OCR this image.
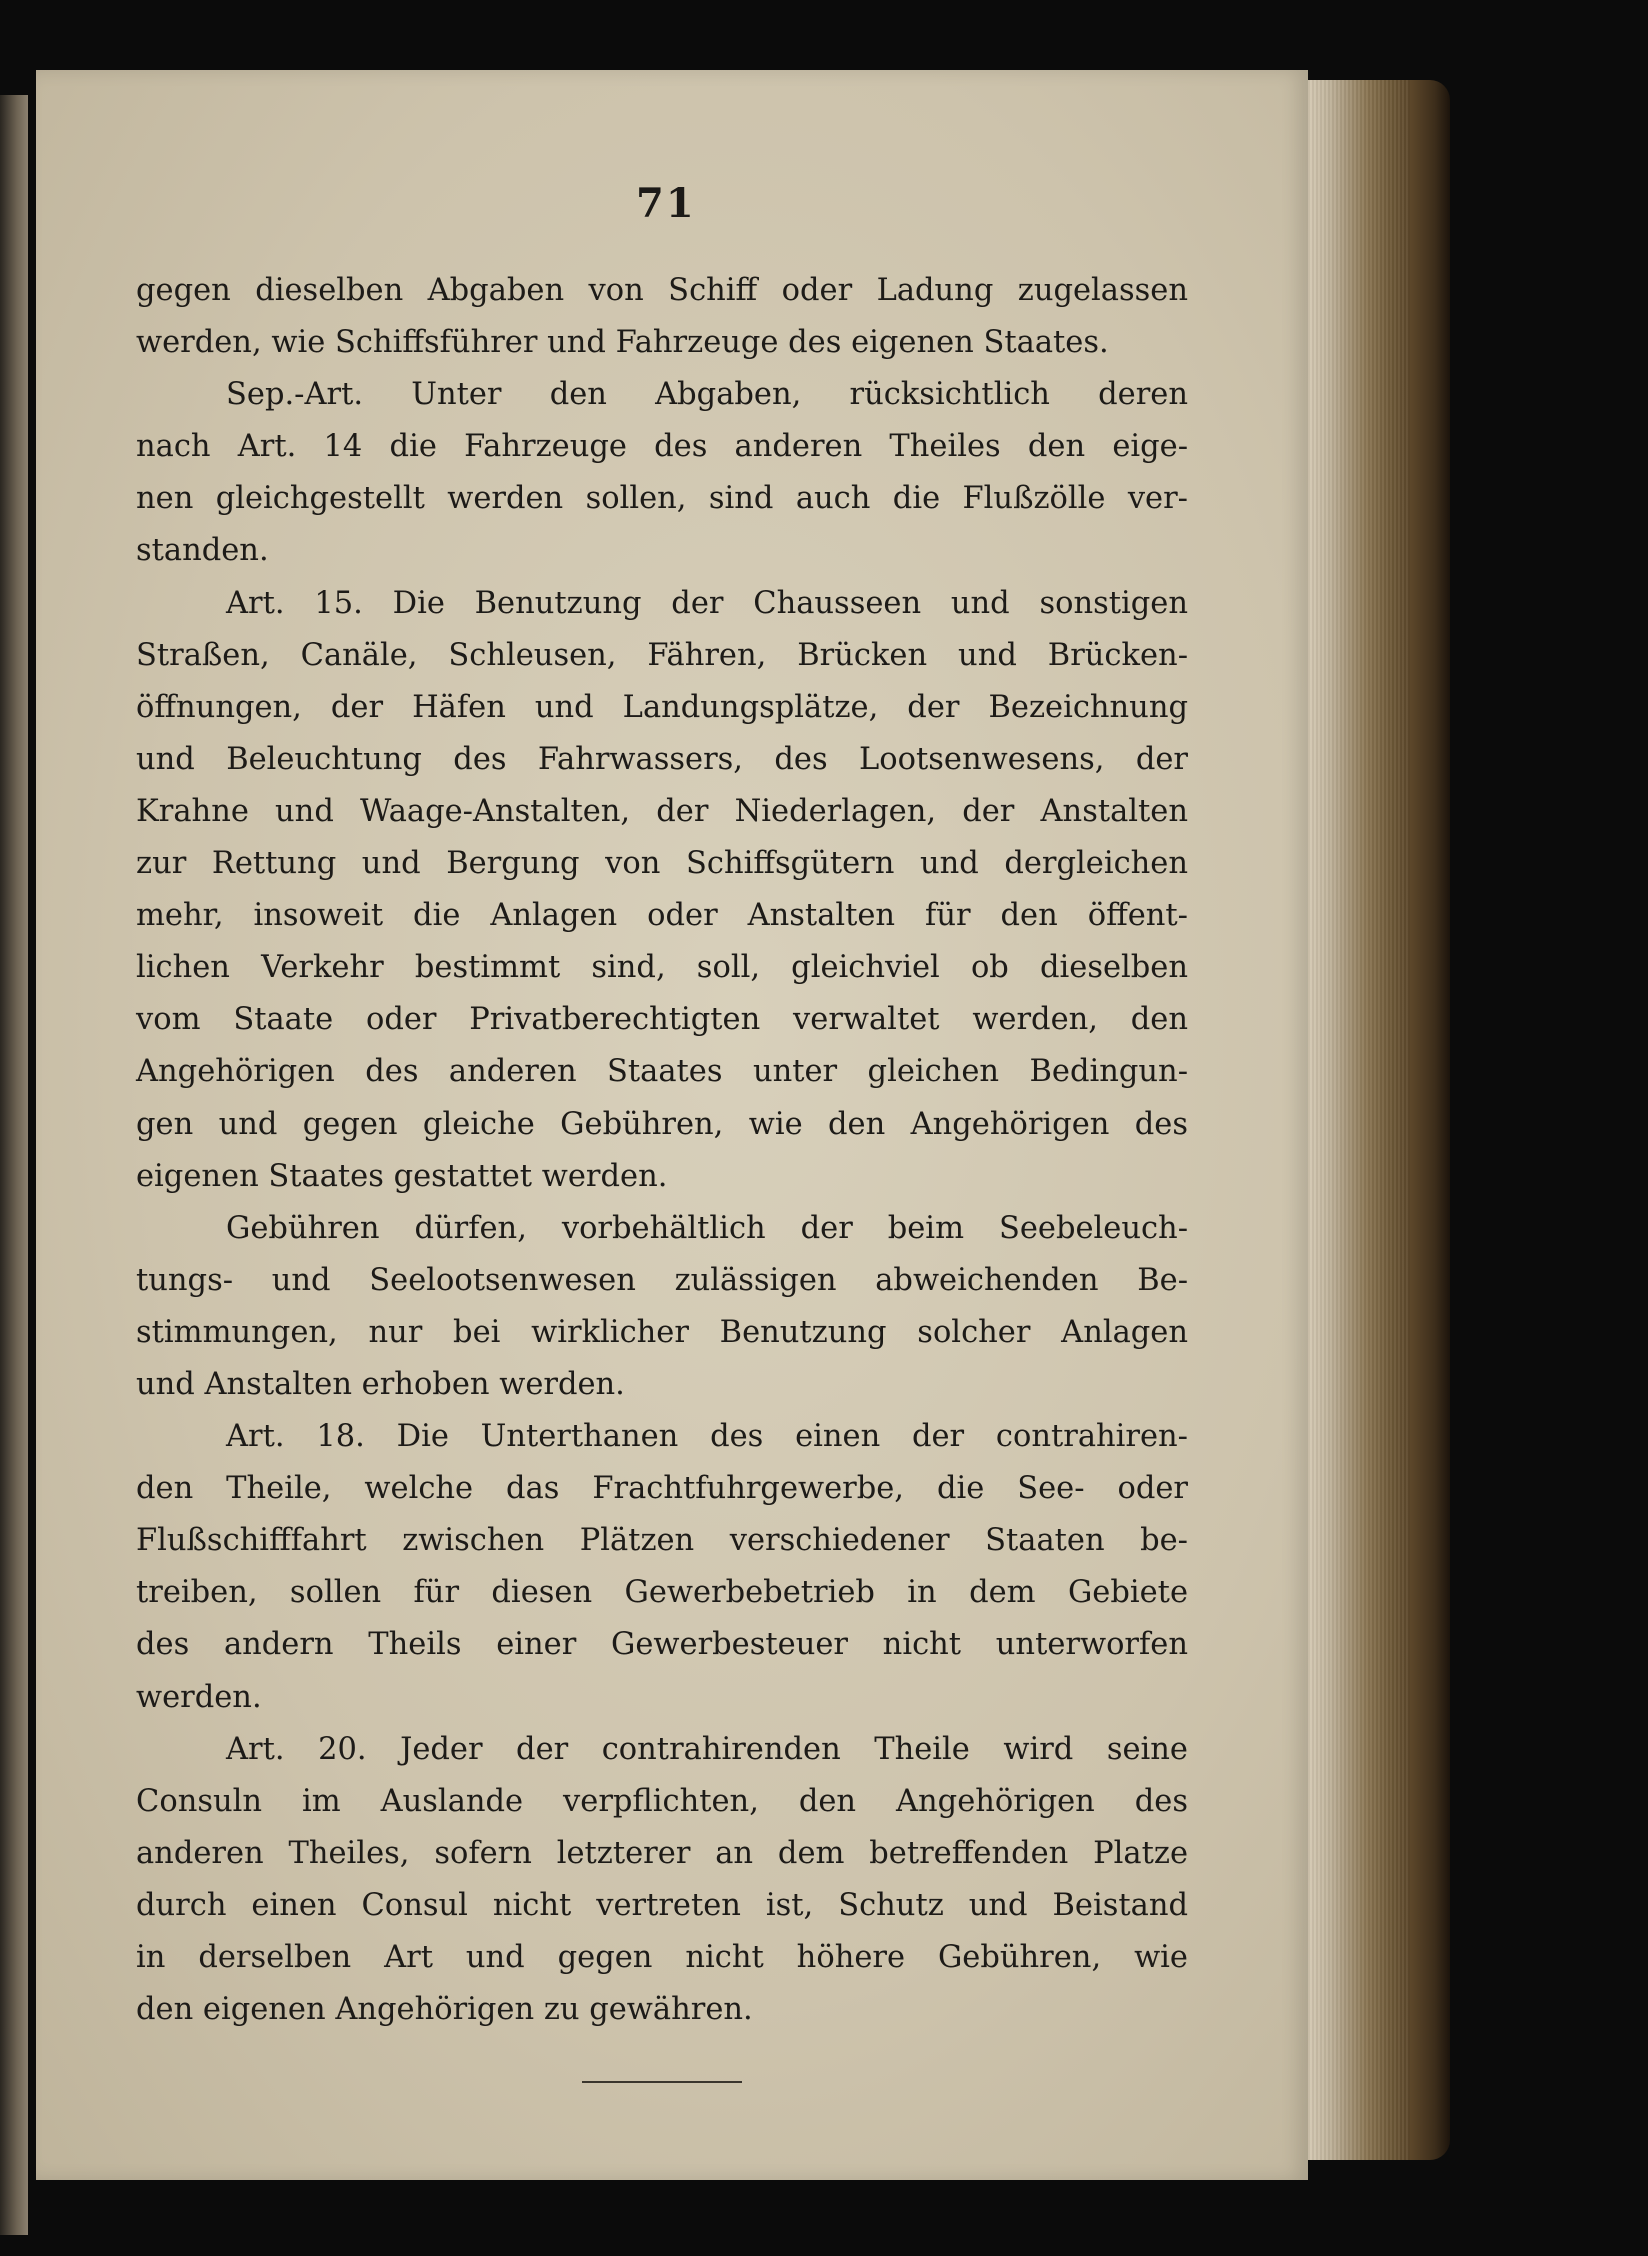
71
gegen dieselben Abgaben von Schiff oder Ladung zugelassen
werden, wie Schiffsführer und Fahrzeuge des eigenen Staates.
Sep.-Art. Unter den Abgaben, rücksichtlich deren
nach Art. 14 die Fahrzeuge des anderen Theiles den eige-
nen gleichgestellt werden sollen, sind auch die Flußzölle ver-
standen.
Art. 15. Die Benutzung der Chausseen und sonstigen
Straßen, Canäle, Schleusen, Fähren, Brücken und Brücken-
öffnungen, der Häfen und Landungsplätze, der Bezeichnung
und Beleuchtung des Fahrwassers, des Lootsenwesens, der
Krahne und Waage-Anstalten, der Niederlagen, der Anstalten
zur Rettung und Bergung von Schiffsgütern und dergleichen
mehr, insoweit die Anlagen oder Anstalten für den öffent-
lichen Verkehr bestimmt sind, soll, gleichviel ob dieselben
vom Staate oder Privatberechtigten verwaltet werden, den
Angehörigen des anderen Staates unter gleichen Bedingun-
gen und gegen gleiche Gebühren, wie den Angehörigen des
eigenen Staates gestattet werden.
Gebühren dürfen, vorbehältlich der beim Seebeleuch-
tungs- und Seelootsenwesen zulässigen abweichenden Be-
stimmungen, nur bei wirklicher Benutzung solcher Anlagen
und Anstalten erhoben werden.
Art. 18. Die Unterthanen des einen der contrahiren-
den Theile, welche das Frachtfuhrgewerbe, die See- oder
Flußschifffahrt zwischen Plätzen verschiedener Staaten be-
treiben, sollen für diesen Gewerbebetrieb in dem Gebiete
des andern Theils einer Gewerbesteuer nicht unterworfen
werden.
Art. 20. Jeder der contrahirenden Theile wird seine
Consuln im Auslande verpflichten, den Angehörigen des
anderen Theiles, sofern letzterer an dem betreffenden Platze
durch einen Consul nicht vertreten ist, Schutz und Beistand
in derselben Art und gegen nicht höhere Gebühren, wie
den eigenen Angehörigen zu gewähren.
